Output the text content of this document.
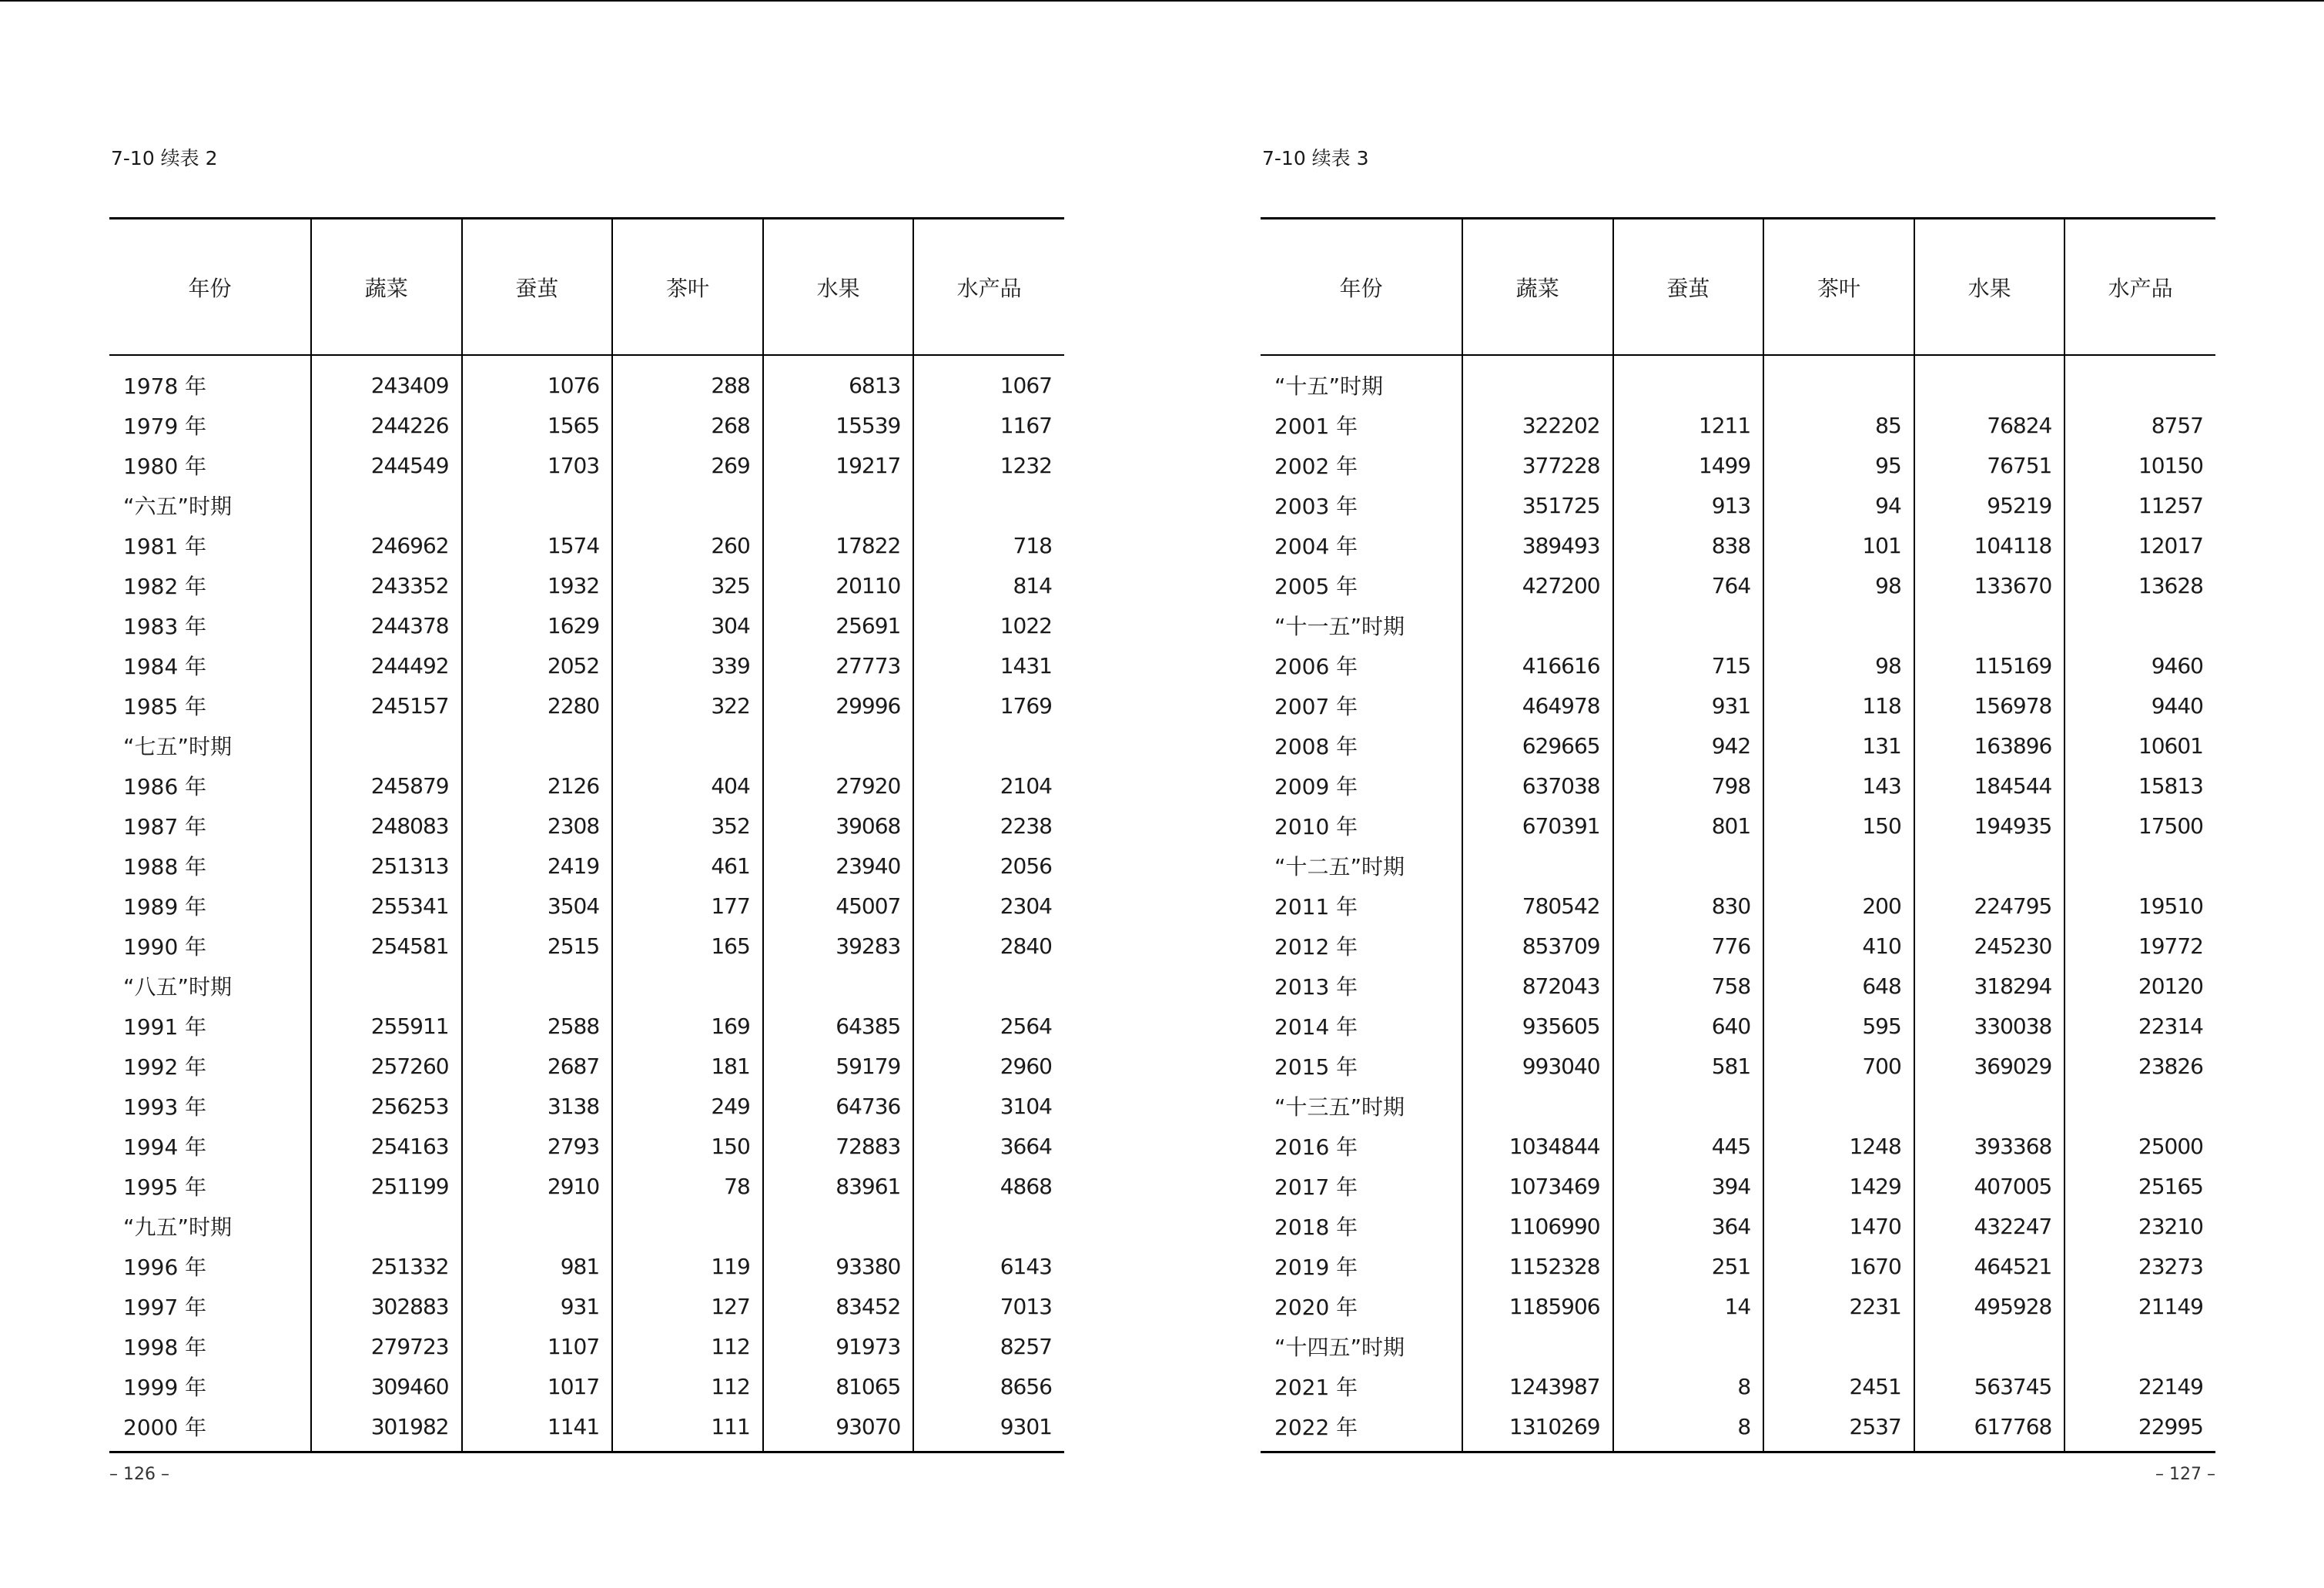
7-10 续表 2
年份	蔬菜	蚕茧	茶叶	水果	水产品
1978 年	243409	1076	288	6813	1067
1979 年	244226	1565	268	15539	1167
1980 年	244549	1703	269	19217	1232
“六五”时期					
1981 年	246962	1574	260	17822	718
1982 年	243352	1932	325	20110	814
1983 年	244378	1629	304	25691	1022
1984 年	244492	2052	339	27773	1431
1985 年	245157	2280	322	29996	1769
“七五”时期					
1986 年	245879	2126	404	27920	2104
1987 年	248083	2308	352	39068	2238
1988 年	251313	2419	461	23940	2056
1989 年	255341	3504	177	45007	2304
1990 年	254581	2515	165	39283	2840
“八五”时期					
1991 年	255911	2588	169	64385	2564
1992 年	257260	2687	181	59179	2960
1993 年	256253	3138	249	64736	3104
1994 年	254163	2793	150	72883	3664
1995 年	251199	2910	78	83961	4868
“九五”时期					
1996 年	251332	981	119	93380	6143
1997 年	302883	931	127	83452	7013
1998 年	279723	1107	112	91973	8257
1999 年	309460	1017	112	81065	8656
2000 年	301982	1141	111	93070	9301
– 126 –
7-10 续表 3
年份	蔬菜	蚕茧	茶叶	水果	水产品
“十五”时期					
2001 年	322202	1211	85	76824	8757
2002 年	377228	1499	95	76751	10150
2003 年	351725	913	94	95219	11257
2004 年	389493	838	101	104118	12017
2005 年	427200	764	98	133670	13628
“十一五”时期					
2006 年	416616	715	98	115169	9460
2007 年	464978	931	118	156978	9440
2008 年	629665	942	131	163896	10601
2009 年	637038	798	143	184544	15813
2010 年	670391	801	150	194935	17500
“十二五”时期					
2011 年	780542	830	200	224795	19510
2012 年	853709	776	410	245230	19772
2013 年	872043	758	648	318294	20120
2014 年	935605	640	595	330038	22314
2015 年	993040	581	700	369029	23826
“十三五”时期					
2016 年	1034844	445	1248	393368	25000
2017 年	1073469	394	1429	407005	25165
2018 年	1106990	364	1470	432247	23210
2019 年	1152328	251	1670	464521	23273
2020 年	1185906	14	2231	495928	21149
“十四五”时期					
2021 年	1243987	8	2451	563745	22149
2022 年	1310269	8	2537	617768	22995
– 127 –
